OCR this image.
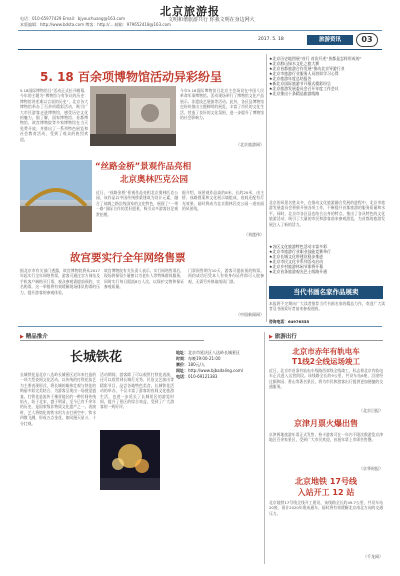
北京旅游报
文明和谐旅游共行 你我文明在身边网大
电话：010-65977429 Email：bjyouchuang@163.com
本版编辑：http://www.bdsta.com 博客：http://... 邮箱：979652418@163.com
2017. 5. 18	旅游资讯	03
5. 18 百余项博物馆活动异彩纷呈
5.18国际博物馆日”活动正式拉开帷幕，今年的主题为“博物馆与有争议的历史：博物馆讲述难以言说的历史”，北京各大博物馆举办了百余项精彩活动，吸引广大市民游客走进博物馆，感受历史文化的魅力。据了解，国家博物馆、首都博物馆、故宫博物院等多家博物馆在当天免费开放，并推出了一系列特色展览和社会教育活动，受到了观众的热烈欢迎。
今年5.18国际博物馆日北京主会场设在中国人民革命军事博物馆。活动现场举行了博物馆文化产品展示、非遗技艺展演等活动。此外，各区县博物馆也纷纷推出主题鲜明的展览，丰富了市民的文化生活，营造了良好的文化氛围，进一步提升了博物馆的社会影响力。
（北京旅游网）
“丝路金桥”景观作品亮相
北京奥林匹克公园
近日，“丝路金桥”景观作品亮相北京奥林匹克公园，该作品以中国传统桥梁建筑为设计元素，融合了丝绸之路沿线国家的文化特色，展现了“一带一路”国际合作的美好愿景，吸引众多游客驻足观赏拍照。
据介绍，该景观作品高约8米，长约20米，由主桥、丝路图案和文化展示墙组成，夜间还配有灯光效果，届时将成为北京奥林匹克公园一道亮丽的风景线。
（刘莲伟）
故宫要实行全年网络售票
据北京市有关部门透露，故宫博物院将从2017年起实行全年网络售票，游客可通过官方网站及手机客户端购买门票，观众参观需提前预约，实名购票。这一举措将有效缓解现场排队购票的压力，提升游客的参观体验。
故宫博物院有关负责人表示，实行网络售票后，现场将保留少量窗口为老年人等特殊群体服务，同时实行每日限流8万人次，以保护文物和保证参观质量。
门票预售期为10天，游客可提前预约购票。预约成功后凭本人有效身份证件即可入院参观，无需另外换取纸质门票。
（中国新闻网）
★北京历史地图展”首行 首次开述“皆都是怎样形成的”
★北京群山绿水文化之旅大赛
★北京首都旅游合作发展“推动北京导游行业
★北京市旅游行业服务人员培训学习心得
★北京旅游年度总结报告
★新北京国际旅游节开幕式精彩纷呈
★北京旅游发展委员会召开年度工作会议
★北京推出十条精品旅游线路
北京的风景名胜众多，在推动文化旅游融合发展的进程中，北京市旅游发展委员会积极开展各项工作，不断提升首都旅游的服务质量和水平。同时，北京市各区县也结合自身的特点，推出了各具特色的文化旅游活动，吸引了大量的市民和游客前来参观游览，为首都的旅游发展注入了新的活力。
★各区文化旅游特色活动丰富多彩
★北京市旅游行业职业技能竞赛举行
★北京长城文化带建设稳步推进
★北京市民文化节系列活动启动
★北京乡村旅游休闲节即将开幕
★北京首条旅游观光巴士线路开通
当代书画名家作品展卖
本报将不定期向广大读者推荐当代书画名家的精品力作，欢迎广大读者及书画爱好者前来参观选购。
咨询电话：64976555
▶ 精品推介
长城铁花
长城铁花是北京八达岭长城景区近年来打造的一项大型夜间文化活动，以传统的打铁花技艺为主要表现形式，将长城的雄伟壮观与铁花的绚丽多彩完美结合，为游客呈现出一场视觉盛宴。打铁花是流传于豫晋地区的一种民间传统焰火，始于北宋，盛于明清，至今已有千余年的历史，是国家级非物质文化遗产之一。表演时，艺人将熔化的铁水用力击打到空中，铁水四散飞溅，形成万点金花，如同漫天星斗，十分壮观。
活动期间，游客除了可以观赏打铁花表演，还可以欣赏到长城灯光秀、民俗文艺演出等精彩节目，品尝各地特色美食。长城铁花活动的举办，不仅丰富了游客的夜间文化旅游生活，也进一步延长了长城景区的游览时间，提升了景区的综合效益，受到了广大游客的一致好评。
地址：北京市延庆区八达岭长城景区
时间：每晚19:00-21:00
票价：180元/人
网址：http://www.bjbadaling.com/
电话：010-69121383
▶ 旅游出行
北京市赤年有轨电车
T1线2全线运场竣工
近日，北京市首条有轨电车线路西郊线全线竣工，标志着北京有轨电车正式进入运营阶段。该线路全长约9公里，共设车站6座，沿途经过颐和园、香山等著名景区，将为市民和游客出行提供更加便捷的交通服务。
（北京日报）
京津月票火爆出售
京津两地旅游年票正式发售，持卡游客可在一年内不限次数游览京津地区百余家景区，受到广大市民欢迎，首批年票上市即告售罄。
（京华时报）
北京地铁 17号线
入站开工 12 站
北京地铁17号线全线开工建设，该线路全长约49.7公里，共设车站20座，预计2020年建成通车，届时将有效缓解北京南北方向的交通压力。
（千龙网）
